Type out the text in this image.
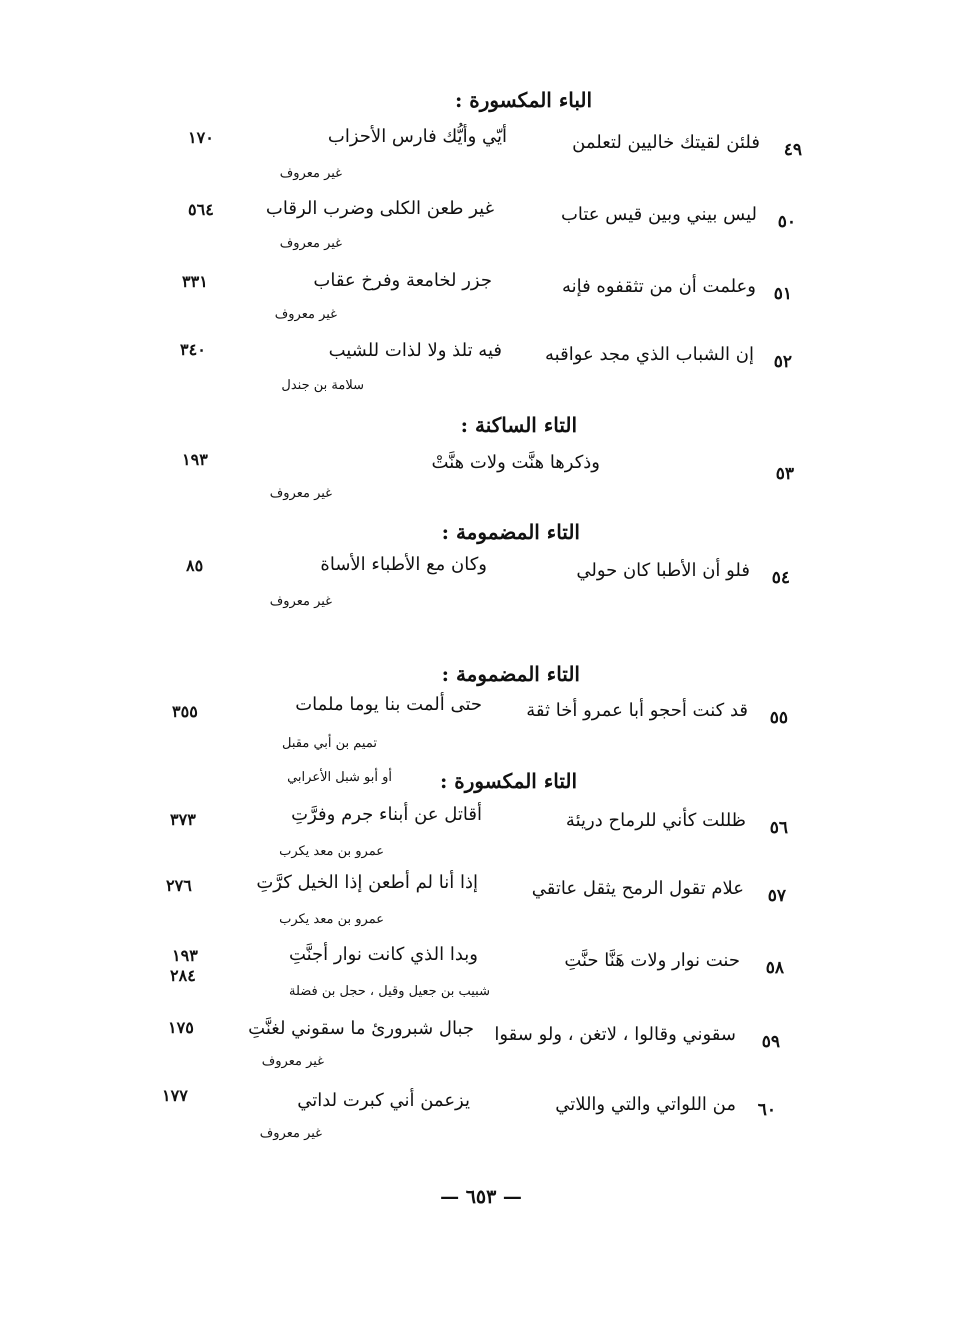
الباء المكسورة :
التاء الساكنة :
التاء المضمومة :
التاء المضمومة :
التاء المكسورة :
٤٩
فلئن لقيتك خاليين لتعلمن
أيّي وأيُّك فارس الأحزاب
غير معروف
١٧٠
٥٠
ليس بيني وبين قيس عتاب
غير طعن الكلى وضرب الرقاب
غير معروف
٥٦٤
٥١
وعلمت أن من تثقفوه فإنه
جزر لخامعة وفرخ عقاب
غير معروف
٣٣١
٥٢
إن الشباب الذي مجد عواقبه
فيه تلذ ولا لذات للشيب
سلامة بن جندل
٣٤٠
٥٣
وذكرها هنَّت ولات هنَّتْ
غير معروف
١٩٣
٥٤
فلو أن الأطبا كان حولي
وكان مع الأطباء الأساة
غير معروف
٨٥
٥٥
قد كنت أحجو أبا عمرو أخا ثقة
حتى ألمت بنا يوما ملمات
تميم بن أبي مقبل
أو أبو شبل الأعرابي
٣٥٥
٥٦
ظللت كأني للرماح دريئة
أقاتل عن أبناء جرم وفرَّتِ
عمرو بن معد يكرب
٣٧٣
٥٧
علام تقول الرمح يثقل عاتقي
إذا أنا لم أطعن إذا الخيل كرَّتِ
عمرو بن معد يكرب
٢٧٦
٥٨
حنت نوار ولات هَنَّا حنَّتِ
وبدا الذي كانت نوار أجنَّتِ
شبيب بن جعيل وقيل ، حجل بن فضلة
١٩٣
٢٨٤
٥٩
سقوني وقالوا ، لاتغن ، ولو سقوا
جبال شبرورئ ما سقوني لغنَّتِ
غير معروف
١٧٥
٦٠
من اللواتي والتي واللاتي
يزعمن أني كبرت لداتي
غير معروف
١٧٧
— ٦٥٣ —
